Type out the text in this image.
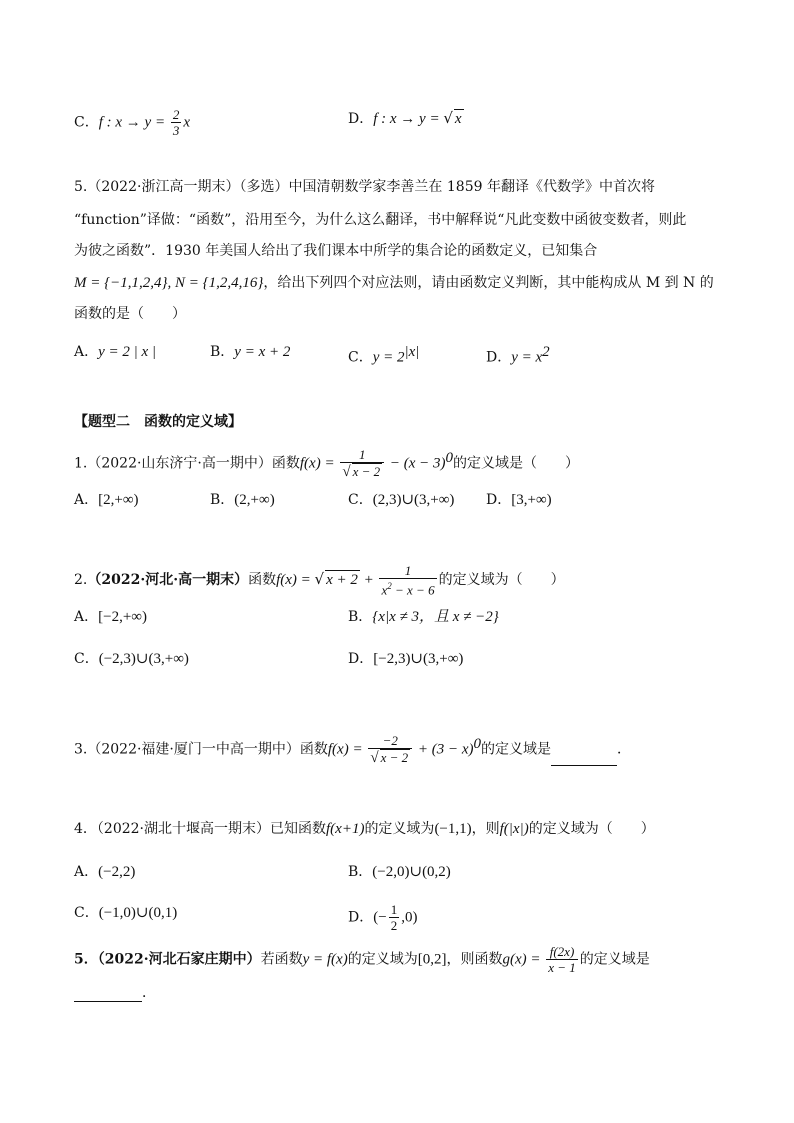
C．f : $x \to y = \frac{2}{3}$ x	D．f : x → y = √ x
5.（2022·浙江高一期末）（多选）中国清朝数学家李善兰在 1859 年翻译《代数学》中首次将
“function”译做：“函数”，沿用至今，为什么这么翻译，书中解释说“凡此变数中函彼变数者，则此
为彼之函数”．1930 年美国人给出了我们课本中所学的集合论的函数定义，已知集合
M = {−1,1,2,4}, N = {1,2,4,16}，给出下列四个对应法则，请由函数定义判断，其中能构成从 M 到 N 的
函数的是（　　）
A．y = 2 | x |	B．y = x + 2	C．$y = 2^{|x|}$	D．$y = x^2$
【题型二　函数的定义域】
1.（2022·山东济宁·高一期中）函数$f(x) = \frac{1}{√ x - 2} - (x - 3)^0$的定义域是（　　）
A．[2,+∞)	B．(2,+∞)	C．(2,3)∪(3,+∞) D．[3,+∞)
2.（2022·河北·高一期末）函数f(x) = √ $x + 2 + \frac{1}{x^2 - x - 6}$ 的定义域为（　　）
A．[−2,+∞)	B．{x|x ≠ 3，且 x ≠ −2}
C．(−2,3)∪(3,+∞)	D．[−2,3)∪(3,+∞)
3.（2022·福建·厦门一中高一期中）函数$f(x) = \frac{-2}{√ x - 2} + (3 - x)^0$的定义域是	．
4．（2022·湖北十堰高一期末）已知函数f(x+1)的定义域为(−1,1)，则f(|x|)的定义域为（　　）
A．(−2,2)	B．(−2,0)∪(0,2)
C．(−1,0)∪(0,1)	D．(− $\frac{1}{2} ,0$)
5．（2022·河北石家庄期中）若函数y = f(x)的定义域为[0,2]，则函数$g(x) = \frac{f(2x)}{x - 1}$ 的定义域是
．
